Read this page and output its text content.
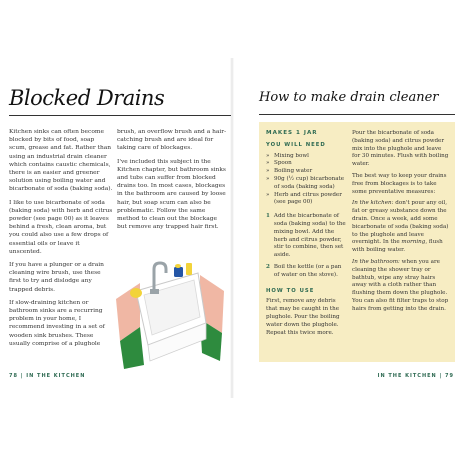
Blocked Drains

Kitchen sinks can often become blocked by bits of food, soap scum, grease and fat. Rather than using an industrial drain cleaner which contains caustic chemicals, there is an easier and greener solution using boiling water and bicarbonate of soda (baking soda).

I like to use bicarbonate of soda (baking soda) with herb and citrus powder (see page 00) as it leaves behind a fresh, clean aroma, but you could also use a few drops of essential oils or leave it unscented.

If you have a plunger or a drain cleaning wire brush, use these first to try and dislodge any trapped debris.

If slow-draining kitchen or bathroom sinks are a recurring problem in your home, I recommend investing in a set of wooden sink brushes. These usually comprise of a plughole

brush, an overflow brush and a hair-catching brush and are ideal for taking care of blockages.

I've included this subject in the Kitchen chapter, but bathroom sinks and tubs can suffer from blocked drains too. In most cases, blockages in the bathroom are caused by loose hair, but soap scum can also be problematic. Follow the same method to clean out the blockage but remove any trapped hair first.

78 | IN THE KITCHEN
How to make drain cleaner
MAKES 1 JAR
YOU WILL NEED
» Mixing bowl
» Spoon
» Boiling water
» 90g (½ cup) bicarbonate of soda (baking soda)
» Herb and citrus powder (see page 00)
1 Add the bicarbonate of soda (baking soda) to the mixing bowl. Add the herb and citrus powder, stir to combine, then set aside.
2 Boil the kettle (or a pan of water on the stove).
HOW TO USE

First, remove any debris that may be caught in the plughole. Pour the boiling water down the plughole. Repeat this twice more.

Pour the bicarbonate of soda (baking soda) and citrus powder mix into the plughole and leave for 30 minutes. Flush with boiling water.

The best way to keep your drains free from blockages is to take some preventative measures:

In the kitchen: don't pour any oil, fat or greasy substance down the drain. Once a week, add some bicarbonate of soda (baking soda) to the plughole and leave overnight. In the morning, flush with boiling water.

In the bathroom: when you are cleaning the shower tray or bathtub, wipe any stray hairs away with a cloth rather than flushing them down the plughole. You can also fit filter traps to stop hairs from getting into the drain.

IN THE KITCHEN | 79
